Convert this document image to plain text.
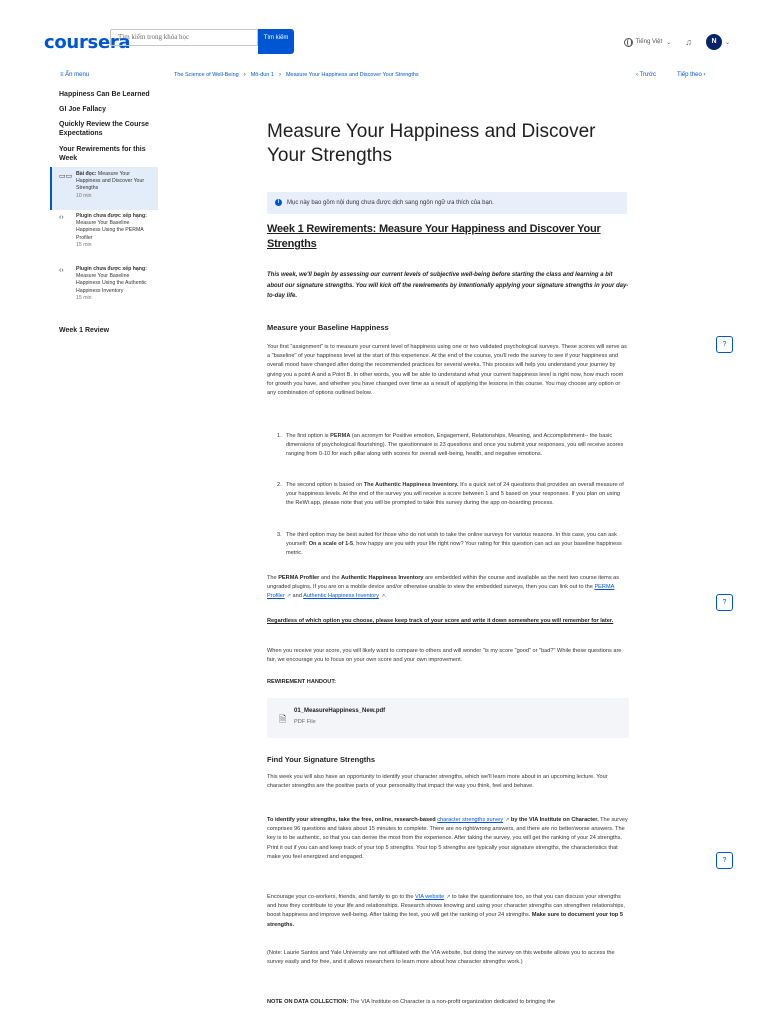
coursera
Tìm kiếm trong khóa học	Tìm kiếm
Tiếng Việt ⌄ ♫	N	⌄
≡ Ẩn menu
Happiness Can Be Learned
GI Joe Fallacy
Quickly Review the Course Expectations
Your Rewirements for this Week
▭▭ Bài đọc: Measure Your Happiness and Discover Your Strengths
10 min
‹› Plugin chưa được xếp hạng: Measure Your Baseline Happiness Using the PERMA Profiler
15 min
‹› Plugin chưa được xếp hạng: Measure Your Baseline Happiness Using the Authentic Happiness Inventory
15 min
Week 1 Review
The Science of Well-Being › Mô-đun 1 › Measure Your Happiness and Discover Your Strengths	‹ Trước	Tiếp theo ›
Measure Your Happiness and Discover Your Strengths
i	Mục này bao gồm nội dung chưa được dịch sang ngôn ngữ ưa thích của bạn.
Week 1 Rewirements: Measure Your Happiness and Discover Your Strengths
This week, we'll begin by assessing our current levels of subjective well-being before starting the class and learning a bit about our signature strengths. You will kick off the rewirements by intentionally applying your signature strengths in your day-to-day life.
Measure your Baseline Happiness
Your first "assignment" is to measure your current level of happiness using one or two validated psychological surveys. These scores will serve as a "baseline" of your happiness level at the start of this experience. At the end of the course, you'll redo the survey to see if your happiness and overall mood have changed after doing the recommended practices for several weeks. This process will help you understand your journey by giving you a point A and a Point B. In other words, you will be able to understand what your current happiness level is right now, how much room for growth you have, and whether you have changed over time as a result of applying the lessons in this course. You may choose any option or any combination of options outlined below.
1. The first option is PERMA (an acronym for Positive emotion, Engagement, Relationships, Meaning, and Accomplishment-- the basic dimensions of psychological flourishing). The questionnaire is 23 questions and once you submit your responses, you will receive scores ranging from 0-10 for each pillar along with scores for overall well-being, health, and negative emotions.
2. The second option is based on The Authentic Happiness Inventory. It's a quick set of 24 questions that provides an overall measure of your happiness levels. At the end of the survey you will receive a score between 1 and 5 based on your responses. If you plan on using the ReWi app, please note that you will be prompted to take this survey during the app on-boarding process.
3. The third option may be best suited for those who do not wish to take the online surveys for various reasons. In this case, you can ask yourself: On a scale of 1-5, how happy are you with your life right now? Your rating for this question can act as your baseline happiness metric.
The PERMA Profiler and the Authentic Happiness Inventory are embedded within the course and available as the next two course items as ungraded plugins. If you are on a mobile device and/or otherwise unable to view the embedded surveys, then you can link out to the PERMA Profiler ↗ and Authentic Happiness Inventory ↗.
Regardless of which option you choose, please keep track of your score and write it down somewhere you will remember for later.
When you receive your score, you will likely want to compare to others and will wonder "is my score "good" or "bad?" While these questions are fair, we encourage you to focus on your own score and your own improvement.
REWIREMENT HANDOUT:
🗎
01_MeasureHappiness_New.pdf
PDF File
Find Your Signature Strengths
This week you will also have an opportunity to identify your character strengths, which we'll learn more about in an upcoming lecture. Your character strengths are the positive parts of your personality that impact the way you think, feel and behave.
To identify your strengths, take the free, online, research-based character strengths survey ↗ by the VIA Institute on Character. The survey comprises 96 questions and takes about 15 minutes to complete. There are no right/wrong answers, and there are no better/worse answers. The key is to be authentic, so that you can derive the most from the experience. After taking the survey, you will get the ranking of your 24 strengths. Print it out if you can and keep track of your top 5 strengths. Your top 5 strengths are typically your signature strengths, the characteristics that make you feel energized and engaged.
Encourage your co-workers, friends, and family to go to the VIA website ↗ to take the questionnaire too, so that you can discuss your strengths and how they contribute to your life and relationships. Research shows knowing and using your character strengths can strengthen relationships, boost happiness and improve well-being. After taking the test, you will get the ranking of your 24 strengths. Make sure to document your top 5 strengths.
(Note: Laurie Santos and Yale University are not affiliated with the VIA website, but doing the survey on this website allows you to access the survey easily and for free, and it allows researchers to learn more about how character strengths work.)
NOTE ON DATA COLLECTION: The VIA Institute on Character is a non-profit organization dedicated to bringing the
?
?
?
